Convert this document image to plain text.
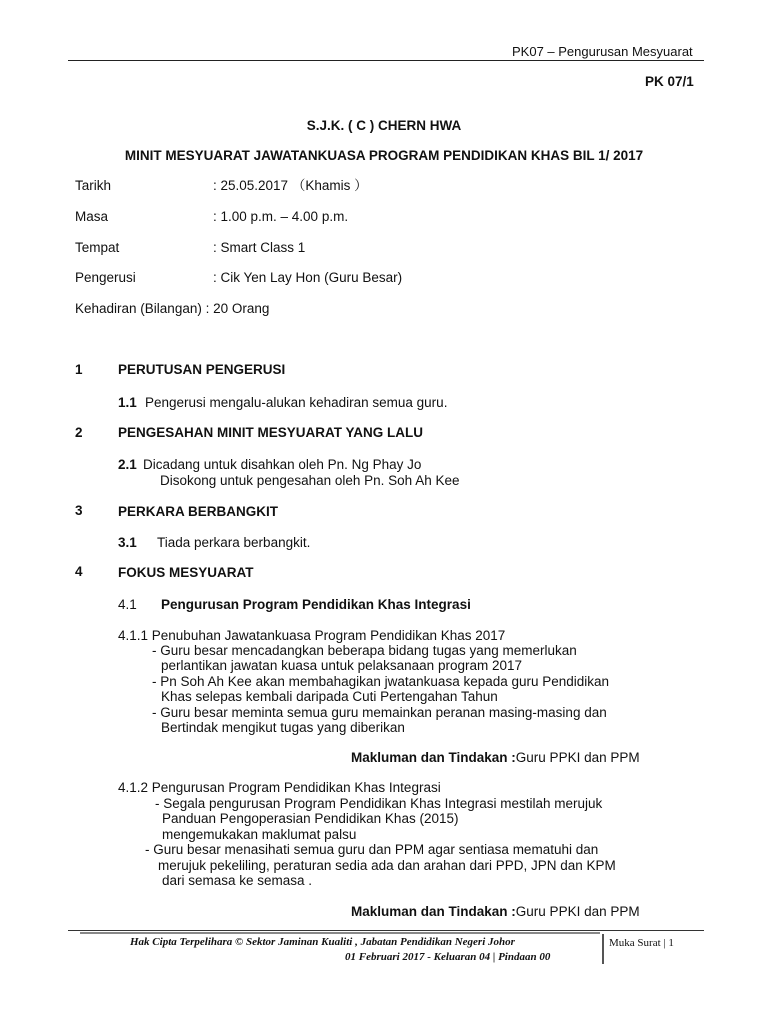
PK07 – Pengurusan Mesyuarat
PK 07/1
S.J.K. ( C ) CHERN HWA
MINIT MESYUARAT JAWATANKUASA PROGRAM PENDIDIKAN KHAS BIL 1/ 2017
Tarikh	: 25.05.2017 （Khamis ）
Masa	: 1.00 p.m. – 4.00 p.m.
Tempat	: Smart Class 1
Pengerusi	: Cik Yen Lay Hon (Guru Besar)
Kehadiran (Bilangan) : 20 Orang
1	PERUTUSAN PENGERUSI
1.1 Pengerusi mengalu-alukan kehadiran semua guru.
2	PENGESAHAN MINIT MESYUARAT YANG LALU
2.1 Dicadang untuk disahkan oleh Pn. Ng Phay Jo
Disokong untuk pengesahan oleh Pn. Soh Ah Kee
3	PERKARA BERBANGKIT
3.1 Tiada perkara berbangkit.
4	FOKUS MESYUARAT
4.1 Pengurusan Program Pendidikan Khas Integrasi
4.1.1 Penubuhan Jawatankuasa Program Pendidikan Khas 2017
- Guru besar mencadangkan beberapa bidang tugas yang memerlukan
perlantikan jawatan kuasa untuk pelaksanaan program 2017
- Pn Soh Ah Kee akan membahagikan jwatankuasa kepada guru Pendidikan
Khas selepas kembali daripada Cuti Pertengahan Tahun
- Guru besar meminta semua guru memainkan peranan masing-masing dan
Bertindak mengikut tugas yang diberikan
Makluman dan Tindakan :Guru PPKI dan PPM
4.1.2 Pengurusan Program Pendidikan Khas Integrasi
- Segala pengurusan Program Pendidikan Khas Integrasi mestilah merujuk
Panduan Pengoperasian Pendidikan Khas (2015)
mengemukakan maklumat palsu
- Guru besar menasihati semua guru dan PPM agar sentiasa mematuhi dan
merujuk pekeliling, peraturan sedia ada dan arahan dari PPD, JPN dan KPM
dari semasa ke semasa .
Makluman dan Tindakan :Guru PPKI dan PPM
Hak Cipta Terpelihara © Sektor Jaminan Kualiti , Jabatan Pendidikan Negeri Johor
01 Februari 2017 - Keluaran 04 | Pindaan 00
Muka Surat | 1
